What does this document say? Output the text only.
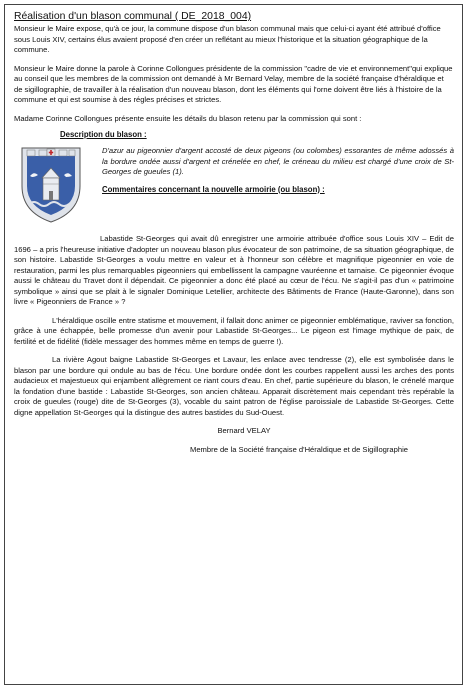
Réalisation d'un blason communal ( DE_2018_004)

Monsieur le Maire expose, qu'à ce jour, la commune dispose d'un blason communal mais que celui-ci ayant été attribué d'office sous Louis XIV, certains élus avaient proposé d'en créer un reflétant au mieux l'historique et la situation géographique de la commune.

Monsieur le Maire donne la parole à Corinne Collongues présidente de la commission "cadre de vie et environnement"qui explique au conseil que les membres de la commission ont demandé à Mr Bernard Velay, membre de la société française d'héraldique et de sigillographie, de travailler à la réalisation d'un nouveau blason, dont les éléments qui l'orne doivent être liés à l'histoire de la commune et qui est soumise à des régles précises et strictes.

Madame Corinne Collongues présente ensuite les détails du blason retenu par la commission qui sont :

Description du blason :

D'azur au pigeonnier d'argent accosté de deux pigeons (ou colombes) essorantes de même adossés à la bordure ondée aussi d'argent et crénelée en chef, le créneau du milieu est chargé d'une croix de St-Georges de gueules (1).

Commentaires concernant la nouvelle armoirie (ou blason) :

Labastide St-Georges qui avait dû enregistrer une armoirie attribuée d'office sous Louis XIV – Edit de 1696 – a pris l'heureuse initiative d'adopter un nouveau blason plus évocateur de son patrimoine, de sa situation géographique, de son histoire. Labastide St-Georges a voulu mettre en valeur et à l'honneur son célèbre et magnifique pigeonnier en voie de restauration, parmi les plus remarquables pigeonniers qui embellissent la campagne vauréenne et tarnaise. Ce pigeonnier évoque aussi le château du Travet dont il dépendait. Ce pigeonnier a donc été placé au cœur de l'écu. Ne s'agit-il pas d'un « patrimoine symbolique » ainsi que se plait à le signaler Dominique Letellier, architecte des Bâtiments de France (Haute-Garonne), dans son livre « Pigeonniers de France » ?

L'héraldique oscille entre statisme et mouvement, il fallait donc animer ce pigeonnier emblématique, raviver sa fonction, grâce à une échappée, belle promesse d'un avenir pour Labastide St-Georges... Le pigeon est l'image mythique de paix, de fertilité et de fidélité (fidèle messager des hommes même en temps de guerre !).

La rivière Agout baigne Labastide St-Georges et Lavaur, les enlace avec tendresse (2), elle est symbolisée dans le blason par une bordure qui ondule au bas de l'écu. Une bordure ondée dont les courbes rappellent aussi les arches des ponts audacieux et majestueux qui enjambent allègrement ce riant cours d'eau. En chef, partie supérieure du blason, le crénelé marque la fondation d'une bastide : Labastide St-Georges, son ancien château. Apparait discrètement mais cependant très repérable la croix de gueules (rouge) dite de St-Georges (3), vocable du saint patron de l'église paroissiale de Labastide St-Georges. Cette digne appellation St-Georges qui la distingue des autres bastides du Sud-Ouest.

Bernard VELAY
Membre de la Société française d'Héraldique et de Sigillographie
